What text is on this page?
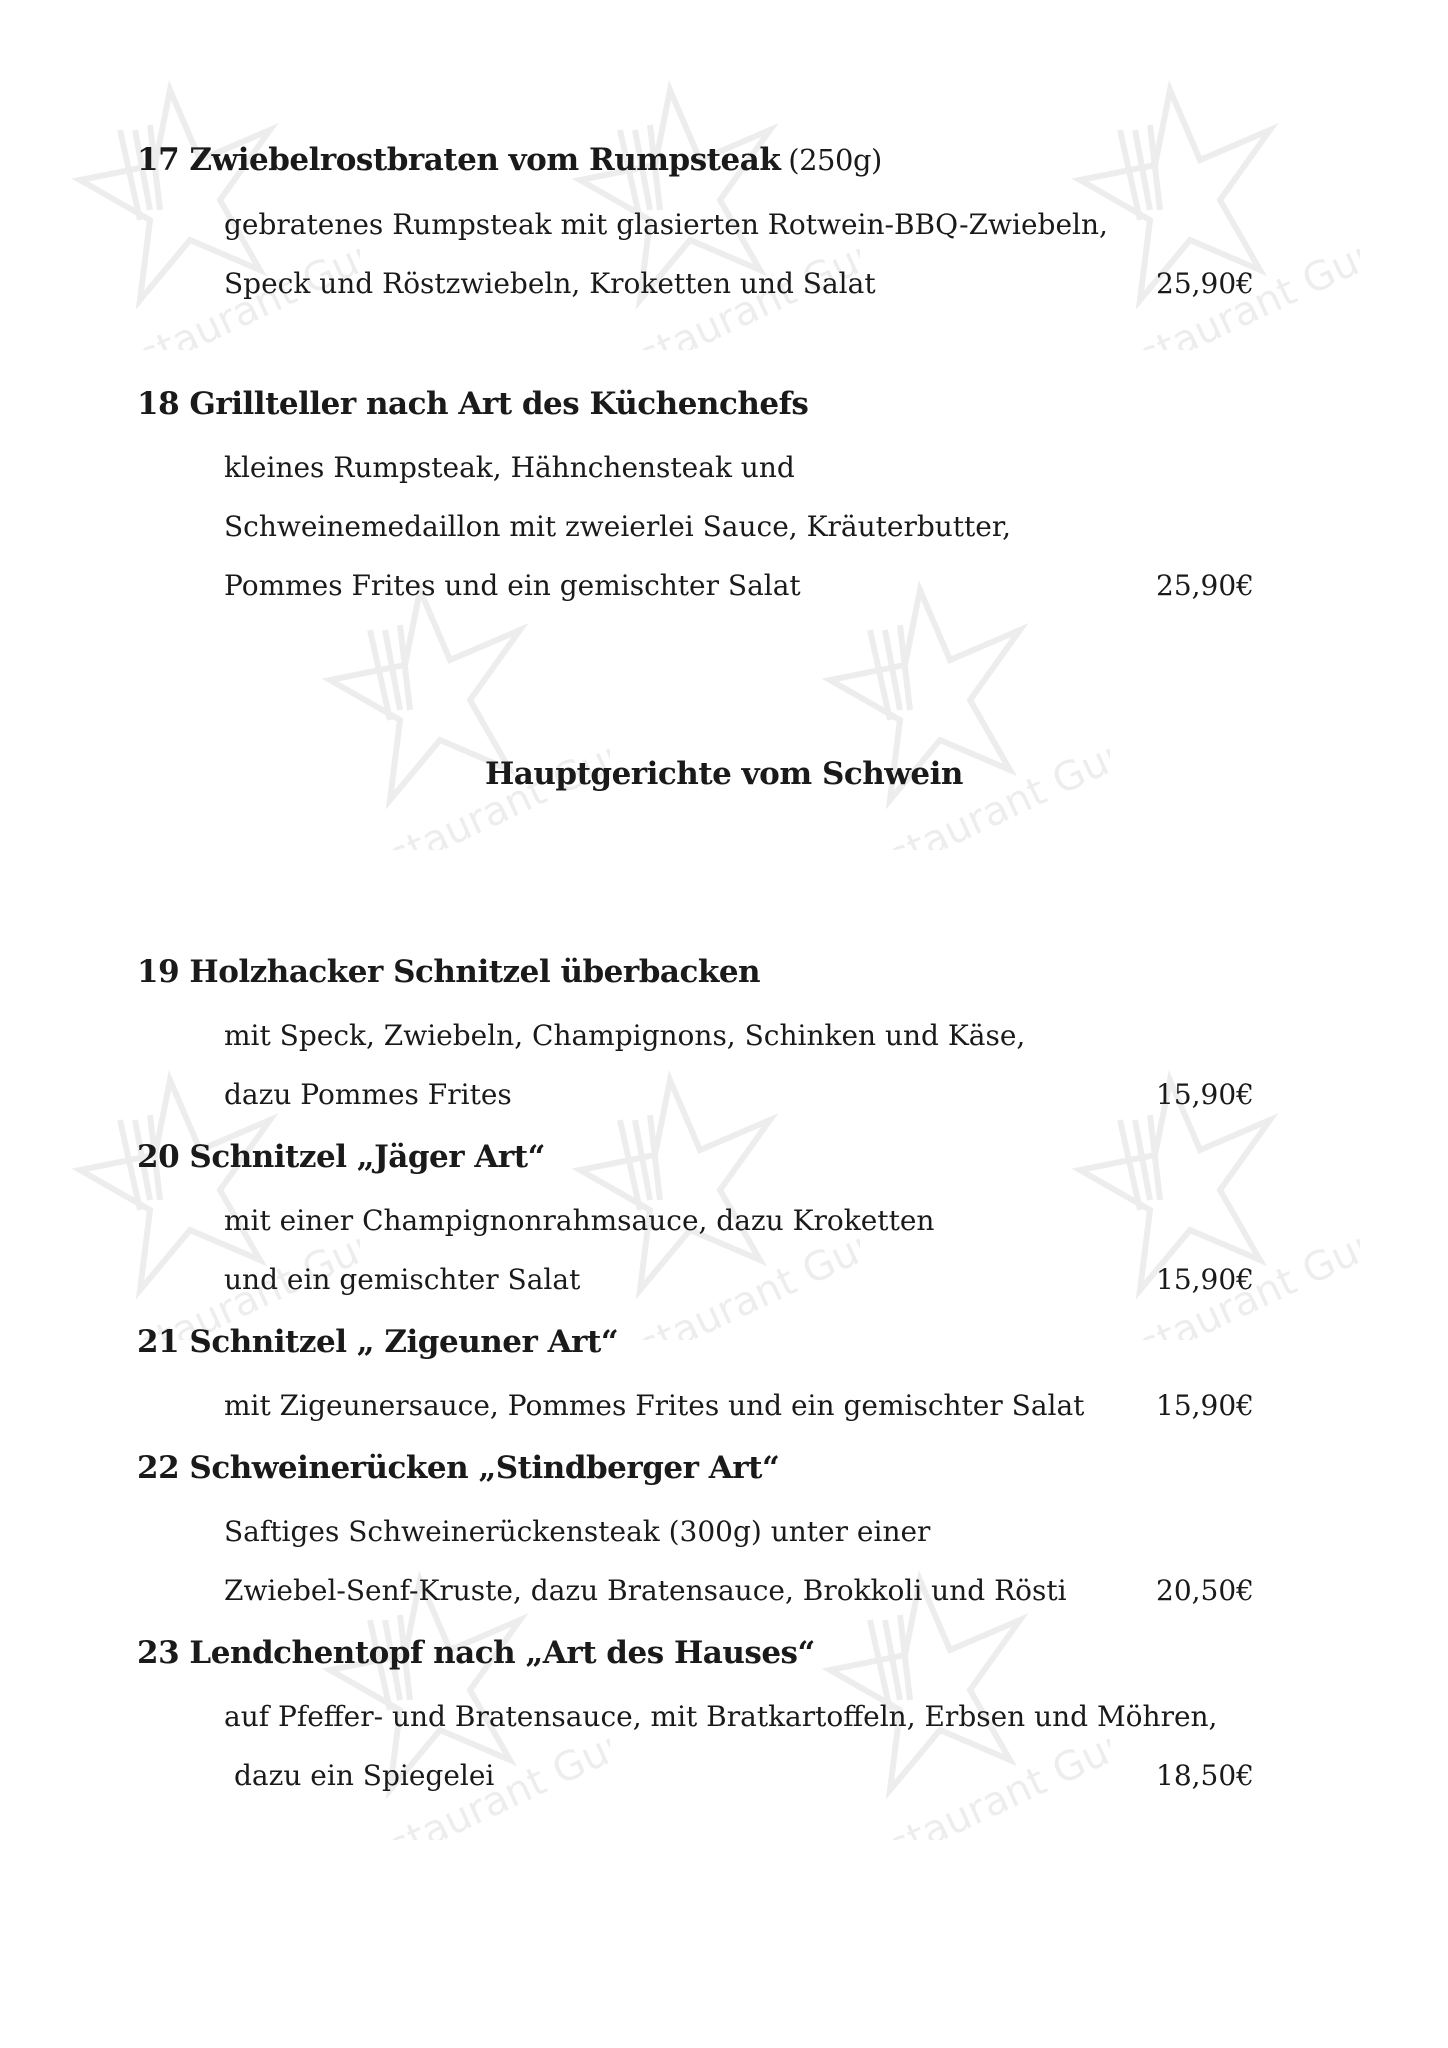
Restaurant Guru
Restaurant Guru
Restaurant Guru
Restaurant Guru
Restaurant Guru
Restaurant Guru
Restaurant Guru
Restaurant Guru
Restaurant Guru
Restaurant Guru
17 Zwiebelrostbraten vom Rumpsteak (250g)
gebratenes Rumpsteak mit glasierten Rotwein-BBQ-Zwiebeln,
Speck und Röstzwiebeln, Kroketten und Salat	25,90€
18 Grillteller nach Art des Küchenchefs
kleines Rumpsteak, Hähnchensteak und
Schweinemedaillon mit zweierlei Sauce, Kräuterbutter,
Pommes Frites und ein gemischter Salat	25,90€
Hauptgerichte vom Schwein
19 Holzhacker Schnitzel überbacken
mit Speck, Zwiebeln, Champignons, Schinken und Käse,
dazu Pommes Frites	15,90€
20 Schnitzel „Jäger Art“
mit einer Champignonrahmsauce, dazu Kroketten
und ein gemischter Salat	15,90€
21 Schnitzel „ Zigeuner Art“
mit Zigeunersauce, Pommes Frites und ein gemischter Salat	15,90€
22 Schweinerücken „Stindberger Art“
Saftiges Schweinerückensteak (300g) unter einer
Zwiebel-Senf-Kruste, dazu Bratensauce, Brokkoli und Rösti	20,50€
23 Lendchentopf nach „Art des Hauses“
auf Pfeffer- und Bratensauce, mit Bratkartoffeln, Erbsen und Möhren,
dazu ein Spiegelei	18,50€
